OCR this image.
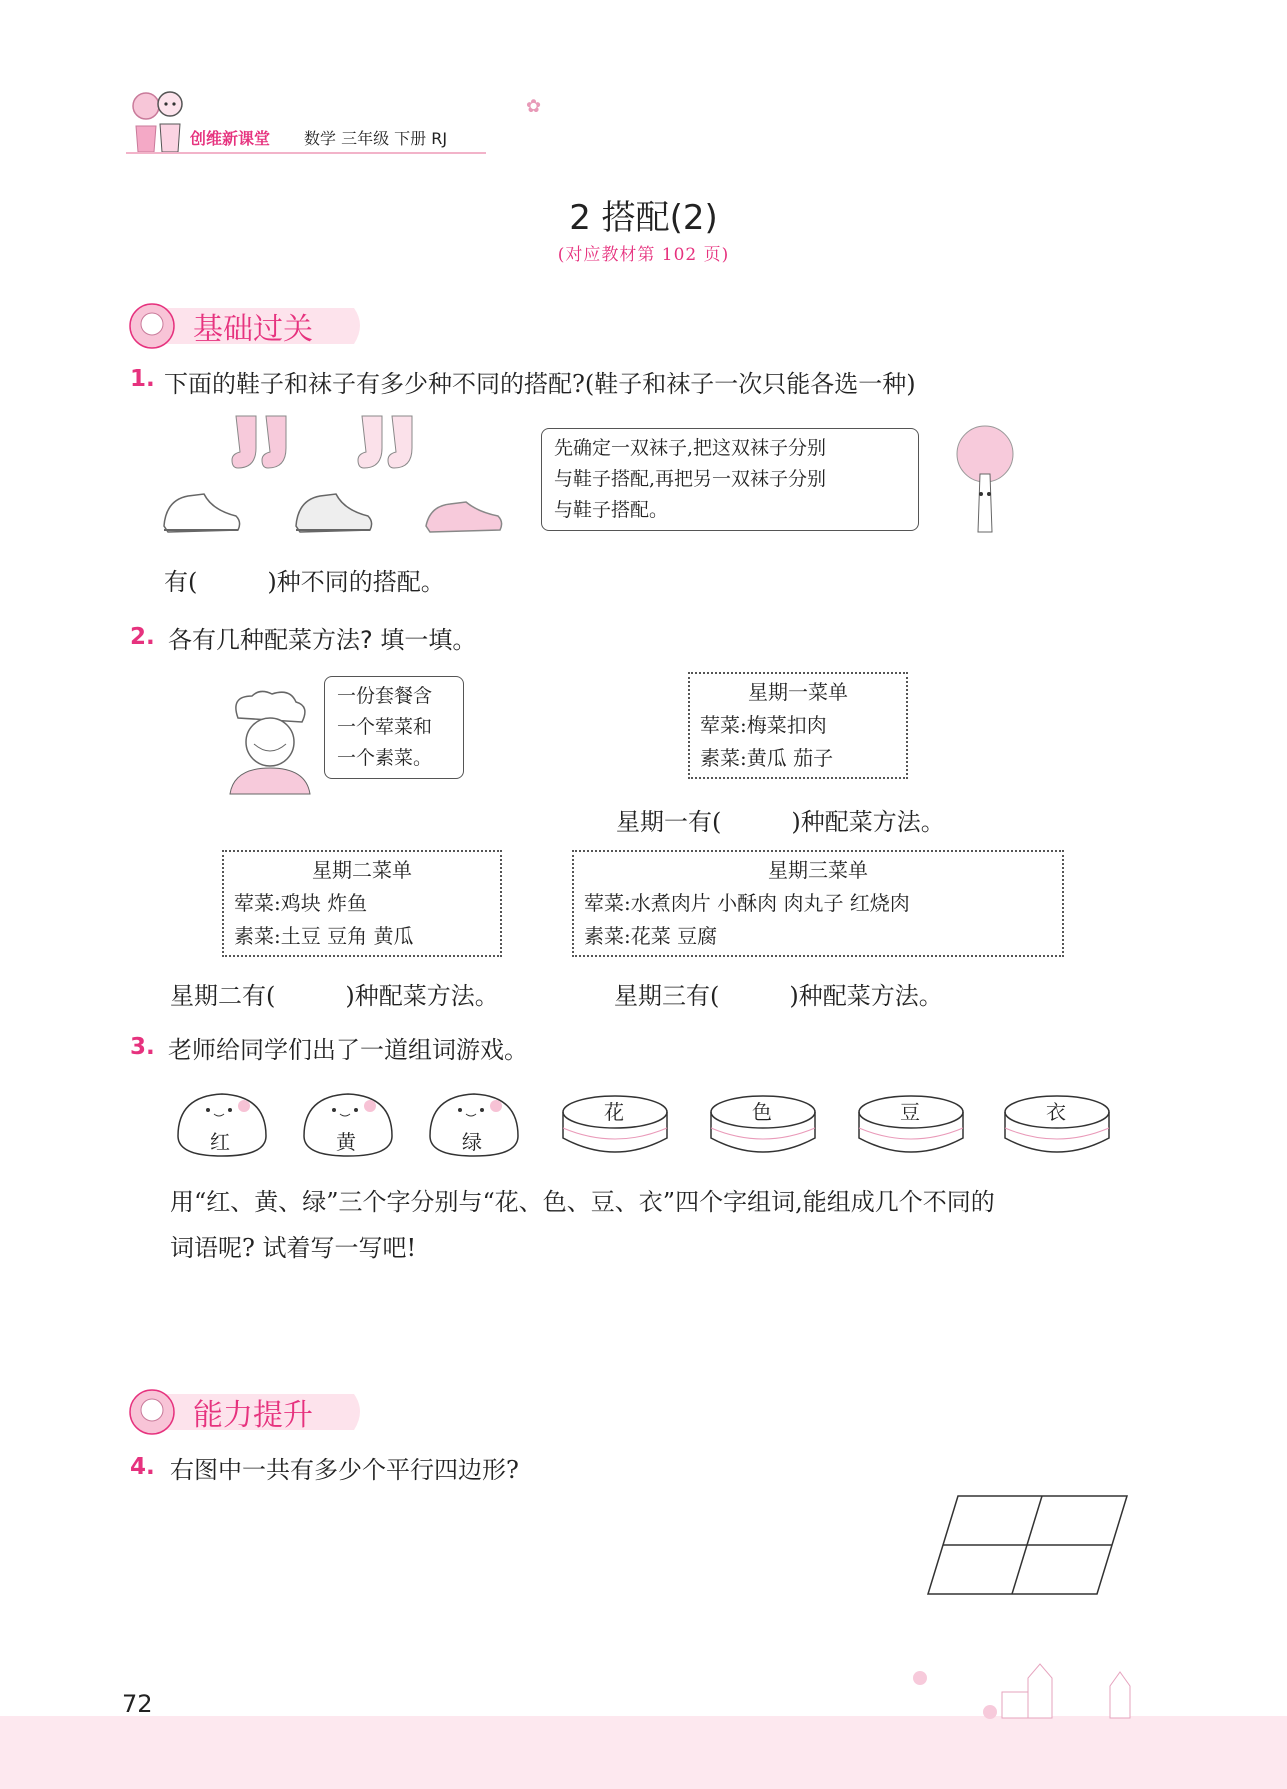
创维新课堂 数学 三年级 下册 RJ
✿
2 搭配(2)
(对应教材第 102 页)
基础过关
1. 下面的鞋子和袜子有多少种不同的搭配?(鞋子和袜子一次只能各选一种)
先确定一双袜子,把这双袜子分别
与鞋子搭配,再把另一双袜子分别
与鞋子搭配。
有(	)种不同的搭配。
2. 各有几种配菜方法? 填一填。
一份套餐含
一个荤菜和
一个素菜。
星期一菜单
荤菜:梅菜扣肉
素菜:黄瓜 茄子
星期一有(	)种配菜方法。
星期二菜单
荤菜:鸡块 炸鱼
素菜:土豆 豆角 黄瓜
星期三菜单
荤菜:水煮肉片 小酥肉 肉丸子 红烧肉
素菜:花菜 豆腐
星期二有(	)种配菜方法。	星期三有(	)种配菜方法。
3. 老师给同学们出了一道组词游戏。
红	黄	绿
花	色	豆	衣
用“红、黄、绿”三个字分别与“花、色、豆、衣”四个字组词,能组成几个不同的
词语呢? 试着写一写吧!
能力提升
4. 右图中一共有多少个平行四边形?
72
